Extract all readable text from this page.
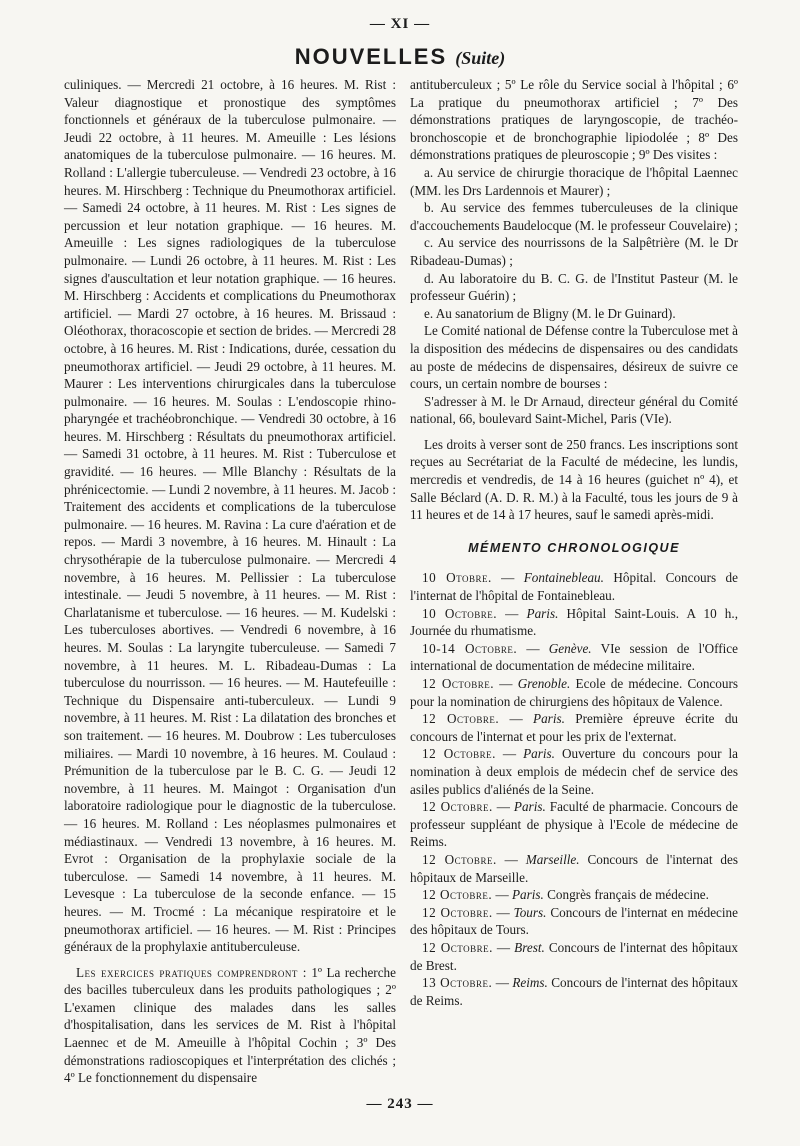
— XI —
NOUVELLES (Suite)

culiniques. — Mercredi 21 octobre, à 16 heures. M. Rist : Valeur diagnostique et pronostique des symptômes fonctionnels et généraux de la tuberculose pulmonaire. — Jeudi 22 octobre, à 11 heures. M. Ameuille : Les lésions anatomiques de la tuberculose pulmonaire. — 16 heures. M. Rolland : L'allergie tuberculeuse. — Vendredi 23 octobre, à 16 heures. M. Hirschberg : Technique du Pneumothorax artificiel. — Samedi 24 octobre, à 11 heures. M. Rist : Les signes de percussion et leur notation graphique. — 16 heures. M. Ameuille : Les signes radiologiques de la tuberculose pulmonaire. — Lundi 26 octobre, à 11 heures. M. Rist : Les signes d'auscultation et leur notation graphique. — 16 heures. M. Hirschberg : Accidents et complications du Pneumothorax artificiel. — Mardi 27 octobre, à 16 heures. M. Brissaud : Oléothorax, thoracoscopie et section de brides. — Mercredi 28 octobre, à 16 heures. M. Rist : Indications, durée, cessation du pneumothorax artificiel. — Jeudi 29 octobre, à 11 heures. M. Maurer : Les interventions chirurgicales dans la tuberculose pulmonaire. — 16 heures. M. Soulas : L'endoscopie rhino-pharyngée et trachéobronchique. — Vendredi 30 octobre, à 16 heures. M. Hirschberg : Résultats du pneumothorax artificiel. — Samedi 31 octobre, à 11 heures. M. Rist : Tuberculose et gravidité. — 16 heures. — Mlle Blanchy : Résultats de la phrénicectomie. — Lundi 2 novembre, à 11 heures. M. Jacob : Traitement des accidents et complications de la tuberculose pulmonaire. — 16 heures. M. Ravina : La cure d'aération et de repos. — Mardi 3 novembre, à 16 heures. M. Hinault : La chrysothérapie de la tuberculose pulmonaire. — Mercredi 4 novembre, à 16 heures. M. Pellissier : La tuberculose intestinale. — Jeudi 5 novembre, à 11 heures. — M. Rist : Charlatanisme et tuberculose. — 16 heures. — M. Kudelski : Les tuberculoses abortives. — Vendredi 6 novembre, à 16 heures. M. Soulas : La laryngite tuberculeuse. — Samedi 7 novembre, à 11 heures. M. L. Ribadeau-Dumas : La tuberculose du nourrisson. — 16 heures. — M. Hautefeuille : Technique du Dispensaire anti-tuberculeux. — Lundi 9 novembre, à 11 heures. M. Rist : La dilatation des bronches et son traitement. — 16 heures. M. Doubrow : Les tuberculoses miliaires. — Mardi 10 novembre, à 16 heures. M. Coulaud : Prémunition de la tuberculose par le B. C. G. — Jeudi 12 novembre, à 11 heures. M. Maingot : Organisation d'un laboratoire radiologique pour le diagnostic de la tuberculose. — 16 heures. M. Rolland : Les néoplasmes pulmonaires et médiastinaux. — Vendredi 13 novembre, à 16 heures. M. Evrot : Organisation de la prophylaxie sociale de la tuberculose. — Samedi 14 novembre, à 11 heures. M. Levesque : La tuberculose de la seconde enfance. — 15 heures. — M. Trocmé : La mécanique respiratoire et le pneumothorax artificiel. — 16 heures. — M. Rist : Principes généraux de la prophylaxie antituberculeuse.

Les exercices pratiques comprendront : 1º La recherche des bacilles tuberculeux dans les produits pathologiques ; 2º L'examen clinique des malades dans les salles d'hospitalisation, dans les services de M. Rist à l'hôpital Laennec et de M. Ameuille à l'hôpital Cochin ; 3º Des démonstrations radioscopiques et l'interprétation des clichés ; 4º Le fonctionnement du dispensaire

antituberculeux ; 5º Le rôle du Service social à l'hôpital ; 6º La pratique du pneumothorax artificiel ; 7º Des démonstrations pratiques de laryngoscopie, de trachéo-bronchoscopie et de bronchographie lipiodolée ; 8º Des démonstrations pratiques de pleuroscopie ; 9º Des visites :

a. Au service de chirurgie thoracique de l'hôpital Laennec (MM. les Drs Lardennois et Maurer) ;

b. Au service des femmes tuberculeuses de la clinique d'accouchements Baudelocque (M. le professeur Couvelaire) ;

c. Au service des nourrissons de la Salpêtrière (M. le Dr Ribadeau-Dumas) ;

d. Au laboratoire du B. C. G. de l'Institut Pasteur (M. le professeur Guérin) ;

e. Au sanatorium de Bligny (M. le Dr Guinard).

Le Comité national de Défense contre la Tuberculose met à la disposition des médecins de dispensaires ou des candidats au poste de médecins de dispensaires, désireux de suivre ce cours, un certain nombre de bourses :

S'adresser à M. le Dr Arnaud, directeur général du Comité national, 66, boulevard Saint-Michel, Paris (VIe).

Les droits à verser sont de 250 francs. Les inscriptions sont reçues au Secrétariat de la Faculté de médecine, les lundis, mercredis et vendredis, de 14 à 16 heures (guichet nº 4), et Salle Béclard (A. D. R. M.) à la Faculté, tous les jours de 9 à 11 heures et de 14 à 17 heures, sauf le samedi après-midi.

MÉMENTO CHRONOLOGIQUE

10 Otobre. — Fontainebleau. Hôpital. Concours de l'internat de l'hôpital de Fontainebleau.

10 Octobre. — Paris. Hôpital Saint-Louis. A 10 h., Journée du rhumatisme.

10-14 Octobre. — Genève. VIe session de l'Office international de documentation de médecine militaire.

12 Octobre. — Grenoble. Ecole de médecine. Concours pour la nomination de chirurgiens des hôpitaux de Valence.

12 Octobre. — Paris. Première épreuve écrite du concours de l'internat et pour les prix de l'externat.

12 Octobre. — Paris. Ouverture du concours pour la nomination à deux emplois de médecin chef de service des asiles publics d'aliénés de la Seine.

12 Octobre. — Paris. Faculté de pharmacie. Concours de professeur suppléant de physique à l'Ecole de médecine de Reims.

12 Octobre. — Marseille. Concours de l'internat des hôpitaux de Marseille.

12 Octobre. — Paris. Congrès français de médecine.

12 Octobre. — Tours. Concours de l'internat en médecine des hôpitaux de Tours.

12 Octobre. — Brest. Concours de l'internat des hôpitaux de Brest.

13 Octobre. — Reims. Concours de l'internat des hôpitaux de Reims.

— 243 —
